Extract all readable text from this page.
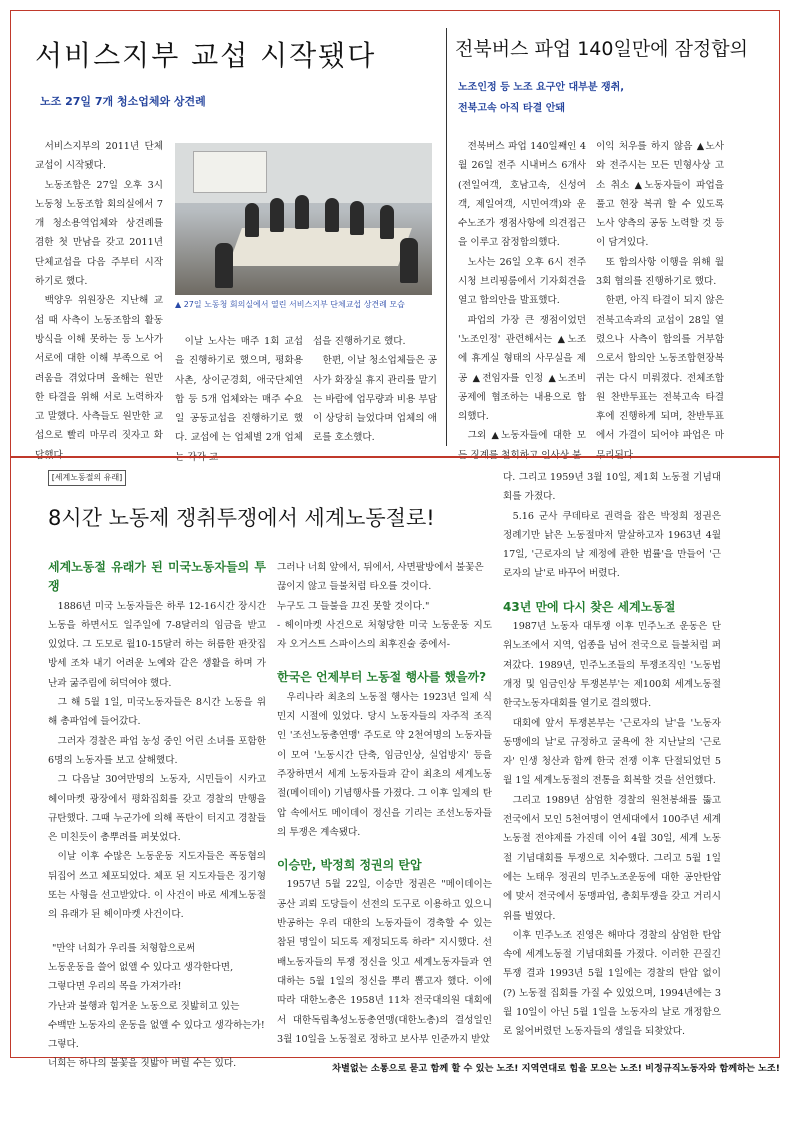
서비스지부 교섭 시작됐다
노조 27일 7개 청소업체와 상견례

서비스지부의 2011년 단체교섭이 시작됐다.

노동조합은 27일 오후 3시 노동청 노동조합 회의실에서 7개 청소용역업체와 상견례를 겸한 첫 만남을 갖고 2011년 단체교섭을 다음 주부터 시작하기로 했다.

백양우 위원장은 지난해 교섭 때 사측이 노동조합의 활동방식을 이해 못하는 등 노사가 서로에 대한 이해 부족으로 어려움을 겪었다며 올해는 원만한 타결을 위해 서로 노력하자고 말했다. 사측들도 원만한 교섭으로 빨리 마무리 짓자고 화

▲ 27일 노동청 회의실에서 열린 서비스지부 단체교섭 상견례 모습

이날 노사는 매주 1회 교섭을 진행하기로 했으며, 평화용사촌, 상이군경회, 애국단체연합 등 5개 업체와는 매주 수요일 공동교섭을 진행하기로 했다. 교섭에 는 업체별 2개 업체

섭을 진행하기로 했다.

한편, 이날 청소업체들은 공사가 화장실 휴지 관리를 맡기는 바람에 업무량과 비용 부담이 상당히 늘었다며 업체의 애로를 호소했다.

전북버스 파업 140일만에 잠정합의
노조인정 등 노조 요구안 대부분 쟁취,
전북고속 아직 타결 안돼

전북버스 파업 140일째인 4월 26일 전주 시내버스 6개사(전일여객, 호남고속, 신성여객, 제일여객, 시민여객)와 운수노조가 쟁점사항에 의견접근을 이루고 잠정합의했다.

노사는 26일 오후 6시 전주시청 브리핑룸에서 기자회견을 열고 합의안을 발표했다.

파업의 가장 큰 쟁점이었던 '노조인정' 관련해서는 ▲노조에 휴게실 형태의 사무실을 제공 ▲전임자를 인정 ▲노조비 공제에 협조하는 내용으로 합의했다.

그외 ▲노동자들에 대한 모

이익 처우를 하지 않음 ▲노사와 전주시는 모든 민형사상 고소 취소 ▲노동자들이 파업을 풀고 현장 복귀 할 수 있도록 노사 양측의 공동 노력할 것 등이 담겨있다.

또 합의사항 이행을 위해 월 3회 협의를 진행하기로 했다.

한편, 아직 타결이 되지 않은 전북고속과의 교섭이 28일 열렸으나 사측이 합의를 거부함으로서 합의안 노동조합현장복귀는 다시 미뤄졌다. 전체조합원 찬반투표는 전북고속 타결 후에 진행하게 되며, 찬반투표에서 가결이 되어야 파업은 마

[세계노동절의 유래]
8시간 노동제 쟁취투쟁에서 세계노동절로!
세계노동절 유래가 된 미국노동자들의 투쟁

1886년 미국 노동자들은 하루 12-16시간 장시간 노동을 하면서도 일주일에 7-8달러의 임금을 받고 있었다. 그 도모로 월10-15달러 하는 허름한 판잣집 방세 조차 내기 어려운 노예와 같은 생활을 하며 가난과 굶주림에 허덕여야 했다.

그 해 5월 1일, 미국노동자들은 8시간 노동을 위해 총파업에 들어갔다.

그러자 경찰은 파업 농성 중인 어린 소녀를 포함한 6명의 노동자를 보고 살해했다.

그 다음날 30여만명의 노동자, 시민들이 시카고 헤이마켓 광장에서 평화집회를 갖고 경찰의 만행을 규탄했다. 그때 누군가에 의해 폭탄이 터지고 경찰들은 미친듯이 총뿌려를 퍼붓었다.

이날 이후 수많은 노동운동 지도자들은 폭동혐의 뒤집어 쓰고 체포되었다. 체포 된 지도자들은 징기형 또는 사형을 선고받았다. 이 사건이 바로 세계노동절의 유래가 된 헤이마켓 사건이다.

"만약 너희가 우리를 처형함으로써

노동운동을 쓸어 없앨 수 있다고 생각한다면,

그렇다면 우리의 목을 가져가라!

가난과 불행과 힘겨운 노동으로 짓밟히고 있는

수백만 노동자의 운동을 없앨 수 있다고 생각하는가!

그렇다.

너희는 하나의 불꽃을 짓밟아 버릴 수는 있다.

그러나 너희 앞에서, 뒤에서, 사면팔방에서 불꽃은

끊이지 않고 들불처럼 타오를 것이다.

누구도 그 들불을 끄진 못할 것이다."

- 헤이마켓 사건으로 처형당한 미국 노동운동 지도자 오거스트 스파이스의 최후진술 중에서-

한국은 언제부터 노동절 행사를 했을까?

우리나라 최초의 노동절 행사는 1923년 일제 식민지 시절에 있었다. 당시 노동자들의 자주적 조직인 '조선노동총연맹' 주도로 약 2천여명의 노동자들이 모여 '노동시간 단축, 임금인상, 실업방지' 등을 주장하면서 세계 노동자들과 같이 최초의 세계노동절(메이데이) 기념행사를 가졌다. 그 이후 일제의 탄압 속에서도 메이데이 정신을 기리는 조선노동자들의 투쟁은 계속됐다.

이승만, 박정희 정권의 탄압

1957년 5월 22일, 이승만 정권은 "메이데이는 공산 괴뢰 도당들이 선전의 도구로 이용하고 있으니 반공하는 우리 대한의 노동자들이 경축할 수 있는 참된 명일이 되도록 제정되도록 하라" 지시했다. 선배노동자들의 투쟁 정신을 잇고 세계노동자들과 연대하는 5월 1일의 정신을 뿌리 뽑고자 했다. 이에 따라 대한노총은 1958년 11차 전국대의원 대회에서 대한독립촉성노동총연맹(대한노총)의 결성일인 3월 10일을 노동절로 정하고 보사부 인준까지 받았

다. 그리고 1959년 3월 10일, 제1회 노동절 기념대회를 가졌다.

5.16 군사 쿠데타로 권력을 잡은 박정희 정권은 정례기만 낡은 노동절마저 말살하고자 1963년 4월 17일, '근로자의 날 제정에 관한 법률'을 만들어 '근로자의 날'로 바꾸어 버렸다.

43년 만에 다시 찾은 세계노동절

1987년 노동자 대투쟁 이후 민주노조 운동은 단위노조에서 지역, 업종을 넘어 전국으로 들불처럼 퍼져갔다. 1989년, 민주노조들의 투쟁조직인 '노동법 개정 및 임금인상 투쟁본부'는 제100회 세계노동절 한국노동자대회를 열기로 결의했다.

대회에 앞서 투쟁본부는 '근로자의 날'을 '노동자 동맹에의 날'로 규정하고 굴욕에 찬 지난날의 '근로자' 인생 청산과 함께 한국 전쟁 이후 단절되었던 5월 1일 세계노동절의 전통을 회복할 것을 선언했다.

그리고 1989년 삼엄한 경찰의 원천봉쇄를 뚫고 전국에서 모인 5천여명이 연세대에서 100주년 세계노동절 전야제를 가진데 이어 4월 30일, 세계 노동절 기념대회를 투쟁으로 치수했다. 그리고 5월 1일에는 노태우 정권의 민주노조운동에 대한 공안탄압에 맞서 전국에서 동맹파업, 총회투쟁을 갖고 거리시위를 벌였다.

이후 민주노조 진영은 해마다 경찰의 삼엄한 탄압 속에 세계노동절 기념대회를 가졌다. 이러한 끈질긴 투쟁 결과 1993년 5월 1일에는 경찰의 탄압 없이 (?) 노동절 집회를 가질 수 있었으며, 1994년에는 3월 10일이 아닌 5월 1일을 노동자의 날로 개정함으로 잃어버렸던 노동자들의 생일을 되찾았다.

차별없는 소통으로 묻고 함께 할 수 있는 노조! 지역연대로 힘을 모으는 노조! 비정규직노동자와 함께하는 노조!
